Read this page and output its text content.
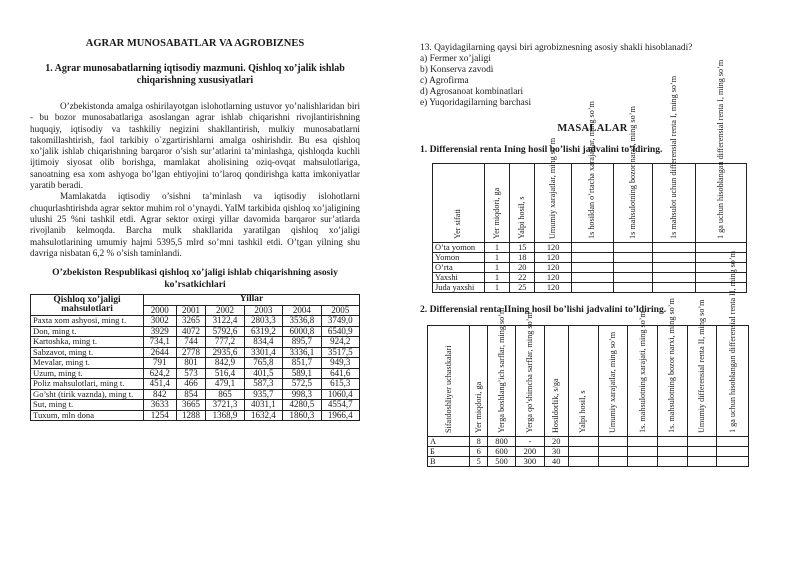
AGRAR MUNOSABATLAR VA AGROBIZNES
1. Agrar munosabatlarning iqtisodiy mazmuni. Qishloq xo’jalik ishlab chiqarishning xususiyatlari

O’zbekistonda amalga oshirilayotgan islohotlarning ustuvor yo’nalishlaridan biri - bu bozor munosabatlariga asoslangan agrar ishlab chiqarishni rivojlantirishning huquqiy, iqtisodiy va tashkiliy negizini shakllantirish, mulkiy munosabatlarni takomillashtirish, faol tarkibiy o`zgartirishlarni amalga oshirishdir. Bu esa qishloq xo’jalik ishlab chiqarishning barqaror o’sish sur’atlarini ta’minlashga, qishloqda kuchli ijtimoiy siyosat olib borishga, mamlakat aholisining oziq-ovqat mahsulotlariga, sanoatning esa xom ashyoga bo’lgan ehtiyojini to’laroq qondirishga katta imkoniyatlar yaratib beradi.

Mamlakatda iqtisodiy o’sishni ta’minlash va iqtisodiy islohotlarni chuqurlashtirishda agrar sektor muhim rol o’ynaydi. YaIM tarkibida qishloq xo’jaligining ulushi 25 %ni tashkil etdi. Agrar sektor oxirgi yillar davomida barqaror sur’atlarda rivojlanib kelmoqda. Barcha mulk shakllarida yaratilgan qishloq xo’jaligi mahsulotlarining umumiy hajmi 5395,5 mlrd so’mni tashkil etdi. O’tgan yilning shu davriga nisbatan 6,2 % o’sish taminlandi.

O’zbekiston Respublikasi qishloq xo’jaligi ishlab chiqarishning asosiy ko’rsatkichlari
Qishloq xo’jaligi mahsulotlari	Yillar					
	2000	2001	2002	2003	2004	2005
Paxta xom ashyosi, ming t.	3002	3265	3122,4	2803,3	3536,8	3749,0
Don, ming t.	3929	4072	5792,6	6319,2	6000,8	6540,9
Kartoshka, ming t.	734,1	744	777,2	834,4	895,7	924,2
Sabzavot, ming t.	2644	2778	2935,6	3301,4	3336,1	3517,5
Mevalar, ming t.	791	801	842,9	765,8	851,7	949,3
Uzum, ming t.	624,2	573	516,4	401,5	589,1	641,6
Poliz mahsulotlari, ming t.	451,4	466	479,1	587,3	572,5	615,3
Go’sht (tirik vaznda), ming t.	842	854	865	935,7	998,3	1060,4
Sut, ming t.	3633	3665	3721,3	4031,1	4280,5	4554,7
Tuxum, mln dona	1254	1288	1368,9	1632,4	1860,3	1966,4

13. Qayidagilarning qaysi biri agrobiznesning asosiy shakli hisoblanadi?

a) Fermer xo’jaligi

b) Konserva zavodi

c) Agrofirma

d) Agrosanoat kombinatlari

e) Yuqoridagilarning barchasi

MASALALAR
1. Differensial renta Ining hosil bo’lishi jadvalini to’ldiring.
Yer sifati	Yer miqdori, ga	Yalpi hosil, s	Umumiy xarajatlar, ming so’m	1s hosildan o’rtacha xarajatlar, ming so’m	1s mahsulotning bozor narxi, ming so’m	1s mahsulot uchun differensial renta I, ming so’m	1 ga uchun hisoblangan differensial renta I, ming so’m

O’ta yomon	1	15	120				
Yomon	1	18	120				
O’rta	1	20	120				
Yaxshi	1	22	120				
Juda yaxshi	1	25	120				
2. Differensial renta IIning hosil bo’lishi jadvalini to’ldiring.
Sifatdoshliyer uchastkalari	Yer miqdori, ga	Yerga boshlang’ich sarflar, ming so’m	Yerga qo’shimcha sarflar, ming so’m	Hosildorlik, s/ga	Yalpi hosil, s	Umumiy xarajatlar, ming so’m	1s. mahsulotning xarajati, ming so’m	1s. mahsulotning bozor narxi, ming so’m	Umumiy differensial renta II, ming so’m	1 ga uchun hisoblangan differensial renta II, ming so’m

A	8	800	-	20						
Б	6	600	200	30						
B	5	500	300	40						
